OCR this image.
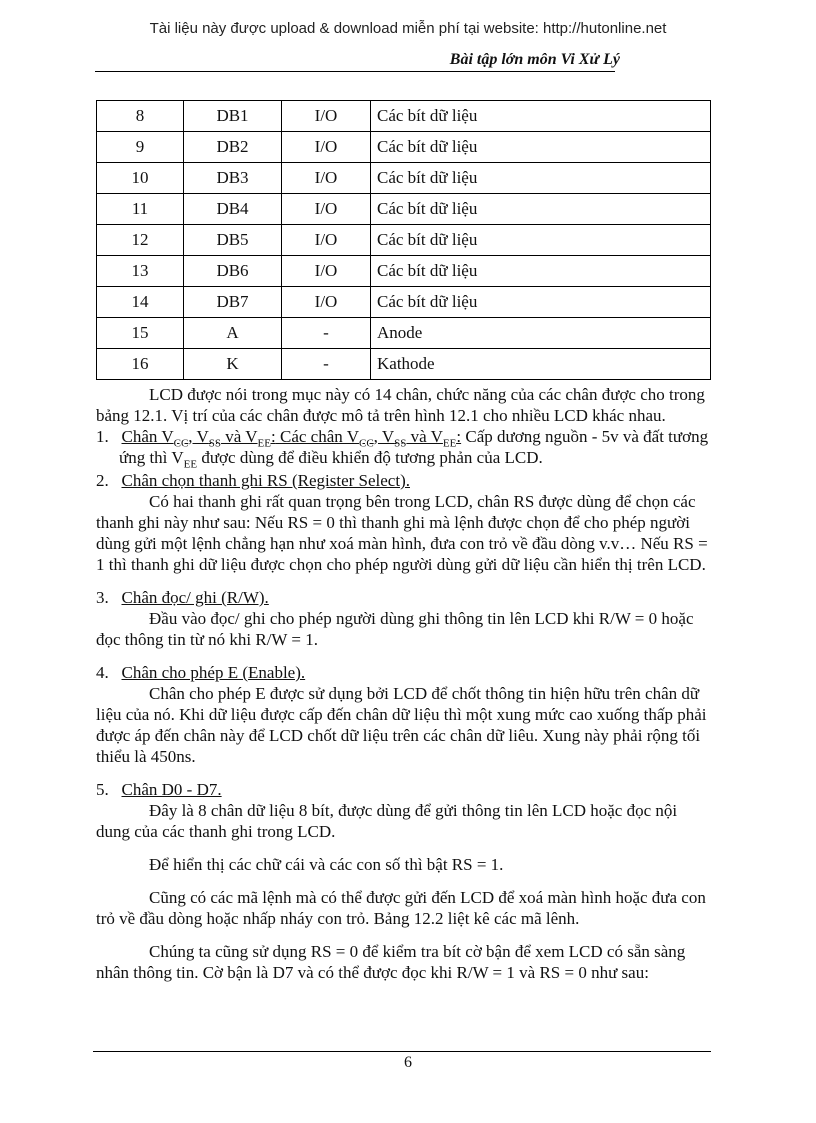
Tài liệu này được upload & download miễn phí tại website: http://hutonline.net
Bài tập lớn môn Vi Xử Lý
8	DB1	I/O	Các bít dữ liệu
9	DB2	I/O	Các bít dữ liệu
10	DB3	I/O	Các bít dữ liệu
11	DB4	I/O	Các bít dữ liệu
12	DB5	I/O	Các bít dữ liệu
13	DB6	I/O	Các bít dữ liệu
14	DB7	I/O	Các bít dữ liệu
15	A	-	Anode
16	K	-	Kathode

LCD được nói trong mục này có 14 chân, chức năng của các chân được cho trong bảng 12.1. Vị trí của các chân được mô tả trên hình 12.1 cho nhiều LCD khác nhau.

1. Chân $V_{CC}$, $V_{SS}$ và $V_{EE}$: Các chân $V_{CC}$, $V_{SS}$ và $V_{EE}$: Cấp dương nguồn - 5v và đất tương ứng thì $V_{EE}$ được dùng để điều khiển độ tương phản của LCD.

2. Chân chọn thanh ghi RS (Register Select).

Có hai thanh ghi rất quan trọng bên trong LCD, chân RS được dùng để chọn các thanh ghi này như sau: Nếu RS = 0 thì thanh ghi mà lệnh được chọn để cho phép người dùng gửi một lệnh chẳng hạn như xoá màn hình, đưa con trỏ về đầu dòng v.v… Nếu RS = 1 thì thanh ghi dữ liệu được chọn cho phép người dùng gửi dữ liệu cần hiển thị trên LCD.

3. Chân đọc/ ghi (R/W).

Đầu vào đọc/ ghi cho phép người dùng ghi thông tin lên LCD khi R/W = 0 hoặc đọc thông tin từ nó khi R/W = 1.

4. Chân cho phép E (Enable).

Chân cho phép E được sử dụng bởi LCD để chốt thông tin hiện hữu trên chân dữ liệu của nó. Khi dữ liệu được cấp đến chân dữ liệu thì một xung mức cao xuống thấp phải được áp đến chân này để LCD chốt dữ liệu trên các chân dữ liêu. Xung này phải rộng tối thiểu là 450ns.

5. Chân D0 - D7.

Đây là 8 chân dữ liệu 8 bít, được dùng để gửi thông tin lên LCD hoặc đọc nội dung của các thanh ghi trong LCD.

Để hiển thị các chữ cái và các con số thì bật RS = 1.

Cũng có các mã lệnh mà có thể được gửi đến LCD để xoá màn hình hoặc đưa con trỏ về đầu dòng hoặc nhấp nháy con trỏ. Bảng 12.2 liệt kê các mã lênh.

Chúng ta cũng sử dụng RS = 0 để kiểm tra bít cờ bận để xem LCD có sẵn sàng nhân thông tin. Cờ bận là D7 và có thể được đọc khi R/W = 1 và RS = 0 như sau:

6
